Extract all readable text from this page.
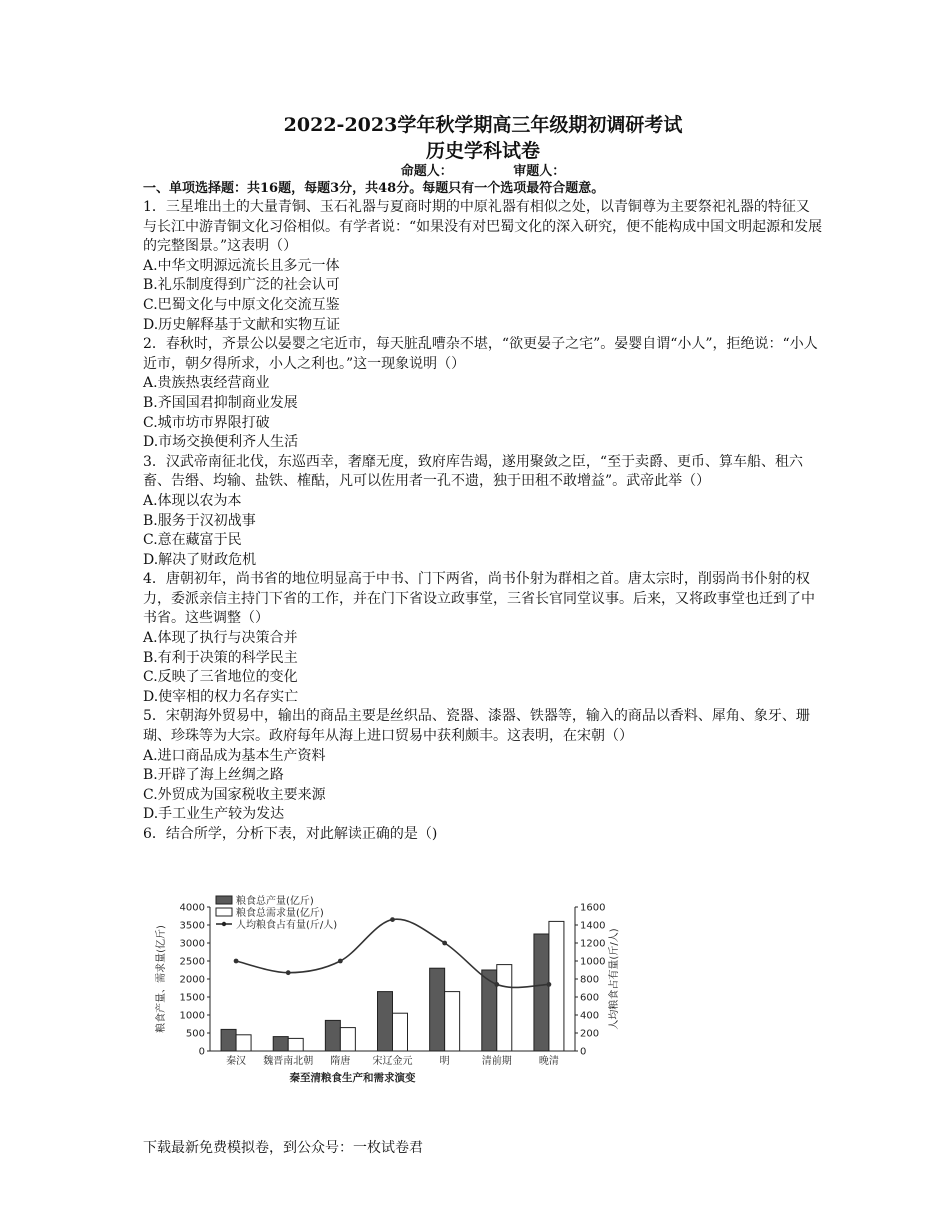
2022-2023学年秋学期高三年级期初调研考试
历史学科试卷
命题人：	审题人：
一、单项选择题：共16题，每题3分，共48分。每题只有一个选项最符合题意。

1．三星堆出土的大量青铜、玉石礼器与夏商时期的中原礼器有相似之处，以青铜尊为主要祭祀礼器的特征又与长江中游青铜文化习俗相似。有学者说：“如果没有对巴蜀文化的深入研究，便不能构成中国文明起源和发展的完整图景。”这表明（）

A.中华文明源远流长且多元一体

B.礼乐制度得到广泛的社会认可

C.巴蜀文化与中原文化交流互鉴

D.历史解释基于文献和实物互证

2．春秋时，齐景公以晏婴之宅近市，每天脏乱嘈杂不堪，“欲更晏子之宅”。晏婴自谓“小人”，拒绝说：“小人近市，朝夕得所求，小人之利也。”这一现象说明（）

A.贵族热衷经营商业

B.齐国国君抑制商业发展

C.城市坊市界限打破

D.市场交换便利齐人生活

3．汉武帝南征北伐，东巡西幸，奢靡无度，致府库告竭，遂用聚敛之臣，“至于卖爵、更币、算车船、租六畜、告缗、均输、盐铁、榷酤，凡可以佐用者一孔不遗，独于田租不敢增益”。武帝此举（）

A.体现以农为本

B.服务于汉初战事

C.意在藏富于民

D.解决了财政危机

4．唐朝初年，尚书省的地位明显高于中书、门下两省，尚书仆射为群相之首。唐太宗时，削弱尚书仆射的权力，委派亲信主持门下省的工作，并在门下省设立政事堂，三省长官同堂议事。后来，又将政事堂也迁到了中书省。这些调整（）

A.体现了执行与决策合并

B.有利于决策的科学民主

C.反映了三省地位的变化

D.使宰相的权力名存实亡

5．宋朝海外贸易中，输出的商品主要是丝织品、瓷器、漆器、铁器等，输入的商品以香料、犀角、象牙、珊瑚、珍珠等为大宗。政府每年从海上进口贸易中获利颇丰。这表明，在宋朝（）

A.进口商品成为基本生产资料

B.开辟了海上丝绸之路

C.外贸成为国家税收主要来源

D.手工业生产较为发达

6．结合所学，分析下表，对此解读正确的是（)

4000
3500
3000
2500
2000
1500
1000
500
0
1600
1400
1200
1000
800
600
400
200
0
粮食产量、需求量(亿斤)	人均粮食占有量(斤/人)
秦汉 魏晋南北朝 隋唐 宋辽金元	明	清前期	晚清
粮食总产量(亿斤)
粮食总需求量(亿斤)
人均粮食占有量(斤/人)
秦至清粮食生产和需求演变
下载最新免费模拟卷，到公众号：一枚试卷君
